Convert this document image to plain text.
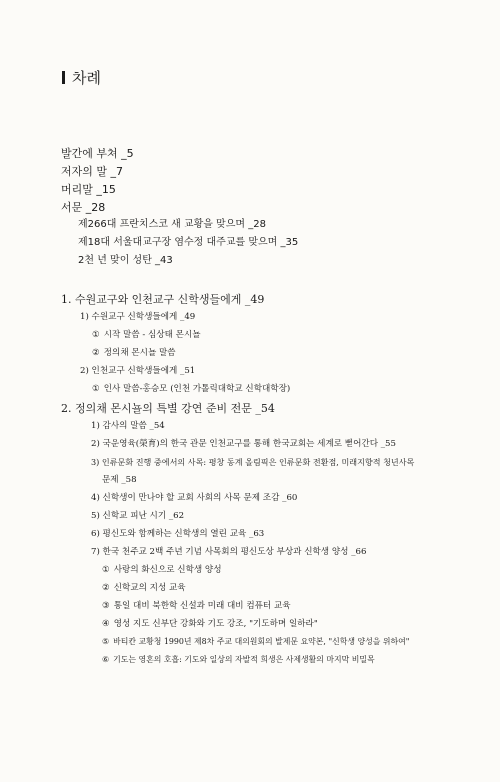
차례
발간에 부쳐 _5
저자의 말 _7
머리말 _15
서문 _28
제266대 프란치스코 새 교황을 맞으며 _28
제18대 서울대교구장 염수정 대주교를 맞으며 _35
2천 년 맞이 성탄 _43
1. 수원교구와 인천교구 신학생들에게 _49
1) 수원교구 신학생들에게 _49
① 시작 말씀 - 심상태 몬시뇰
② 정의채 몬시뇰 말씀
2) 인천교구 신학생들에게 _51
① 인사 말씀-홍승모 (인천 가톨릭대학교 신학대학장)
2. 정의채 몬시뇰의 특별 강연 준비 전문 _54
1) 감사의 말씀 _54
2) 국운영육(榮育)의 한국 관문 인천교구를 통해 한국교회는 세계로 뻗어간다 _55
3) 인류문화 진행 중에서의 사목: 평창 동계 올림픽은 인류문화 전환점, 미래지향적 청년사목
문제 _58
4) 신학생이 만나야 할 교회 사회의 사목 문제 조감 _60
5) 신학교 피난 시기 _62
6) 평신도와 함께하는 신학생의 열린 교육 _63
7) 한국 천주교 2백 주년 기념 사목회의 평신도상 부상과 신학생 양성 _66
① 사랑의 화신으로 신학생 양성
② 신학교의 지성 교육
③ 통일 대비 북한학 신설과 미래 대비 컴퓨터 교육
④ 영성 지도 신부단 강화와 기도 강조, "기도하며 일하라"
⑤ 바티칸 교황청 1990년 제8차 주교 대의원회의 발제문 요약본, "신학생 양성을 위하여"
⑥ 기도는 영혼의 호흡: 기도와 일상의 자발적 희생은 사제생활의 마지막 비밀목
